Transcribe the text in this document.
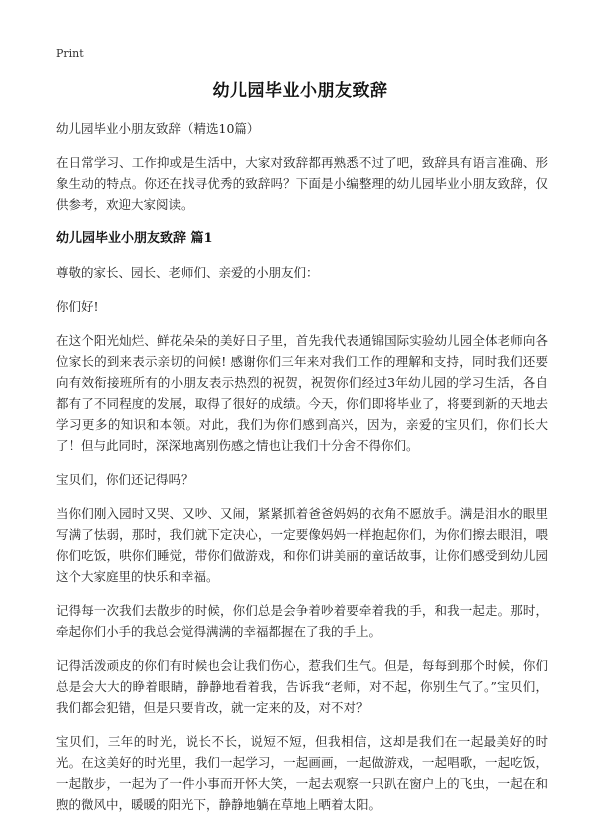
Print
幼儿园毕业小朋友致辞

幼儿园毕业小朋友致辞（精选10篇）

在日常学习、工作抑或是生活中，大家对致辞都再熟悉不过了吧，致辞具有语言准确、形象生动的特点。你还在找寻优秀的致辞吗？下面是小编整理的幼儿园毕业小朋友致辞，仅供参考，欢迎大家阅读。

幼儿园毕业小朋友致辞 篇1

尊敬的家长、园长、老师们、亲爱的小朋友们：

你们好!

在这个阳光灿烂、鲜花朵朵的美好日子里，首先我代表通锦国际实验幼儿园全体老师向各位家长的到来表示亲切的问候! 感谢你们三年来对我们工作的理解和支持，同时我们还要向有效衔接班所有的小朋友表示热烈的祝贺，祝贺你们经过3年幼儿园的学习生活，各自都有了不同程度的发展，取得了很好的成绩。今天，你们即将毕业了，将要到新的天地去学习更多的知识和本领。对此，我们为你们感到高兴，因为，亲爱的宝贝们，你们长大了！但与此同时，深深地离别伤感之情也让我们十分舍不得你们。

宝贝们，你们还记得吗？

当你们刚入园时又哭、又吵、又闹，紧紧抓着爸爸妈妈的衣角不愿放手。满是泪水的眼里写满了怯弱，那时，我们就下定决心，一定要像妈妈一样抱起你们，为你们擦去眼泪，喂你们吃饭，哄你们睡觉，带你们做游戏，和你们讲美丽的童话故事，让你们感受到幼儿园这个大家庭里的快乐和幸福。

记得每一次我们去散步的时候，你们总是会争着吵着要牵着我的手，和我一起走。那时，牵起你们小手的我总会觉得满满的幸福都握在了我的手上。

记得活泼顽皮的你们有时候也会让我们伤心，惹我们生气。但是，每每到那个时候，你们总是会大大的睁着眼睛，静静地看着我，告诉我“老师，对不起，你别生气了。”宝贝们，我们都会犯错，但是只要肯改，就一定来的及，对不对？

宝贝们，三年的时光，说长不长，说短不短，但我相信，这却是我们在一起最美好的时光。在这美好的时光里，我们一起学习，一起画画，一起做游戏，一起唱歌，一起吃饭，一起散步，一起为了一件小事而开怀大笑，一起去观察一只趴在窗户上的飞虫，一起在和煦的微风中，暖暖的阳光下，静静地躺在草地上晒着太阳。
